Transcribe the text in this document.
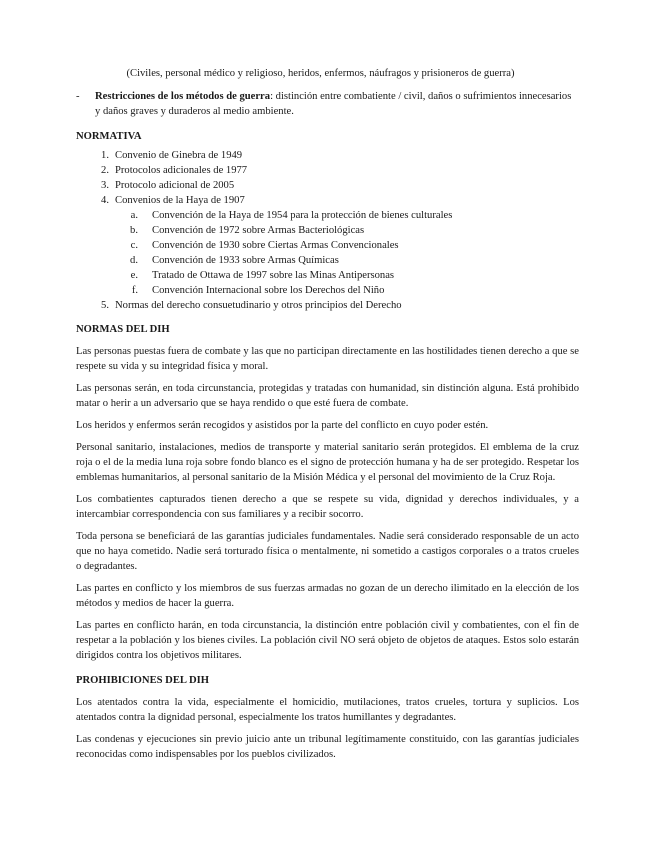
(Civiles, personal médico y religioso, heridos, enfermos, náufragos y prisioneros de guerra)

-	Restricciones de los métodos de guerra: distinción entre combatiente / civil, daños o sufrimientos innecesarios y daños graves y duraderos al medio ambiente.

NORMATIVA

1. Convenio de Ginebra de 1949
2. Protocolos adicionales de 1977
3. Protocolo adicional de 2005
4. Convenios de la Haya de 1907
a.	Convención de la Haya de 1954 para la protección de bienes culturales
b.	Convención de 1972 sobre Armas Bacteriológicas
c.	Convención de 1930 sobre Ciertas Armas Convencionales
d.	Convención de 1933 sobre Armas Químicas
e.	Tratado de Ottawa de 1997 sobre las Minas Antipersonas
f.	Convención Internacional sobre los Derechos del Niño
5. Normas del derecho consuetudinario y otros principios del Derecho

NORMAS DEL DIH

Las personas puestas fuera de combate y las que no participan directamente en las hostilidades tienen derecho a que se respete su vida y su integridad física y moral.

Las personas serán, en toda circunstancia, protegidas y tratadas con humanidad, sin distinción alguna. Está prohibido matar o herir a un adversario que se haya rendido o que esté fuera de combate.

Los heridos y enfermos serán recogidos y asistidos por la parte del conflicto en cuyo poder estén.

Personal sanitario, instalaciones, medios de transporte y material sanitario serán protegidos. El emblema de la cruz roja o el de la media luna roja sobre fondo blanco es el signo de protección humana y ha de ser protegido. Respetar los emblemas humanitarios, al personal sanitario de la Misión Médica y el personal del movimiento de la Cruz Roja.

Los combatientes capturados tienen derecho a que se respete su vida, dignidad y derechos individuales, y a intercambiar correspondencia con sus familiares y a recibir socorro.

Toda persona se beneficiará de las garantías judiciales fundamentales. Nadie será considerado responsable de un acto que no haya cometido. Nadie será torturado física o mentalmente, ni sometido a castigos corporales o a tratos crueles o degradantes.

Las partes en conflicto y los miembros de sus fuerzas armadas no gozan de un derecho ilimitado en la elección de los métodos y medios de hacer la guerra.

Las partes en conflicto harán, en toda circunstancia, la distinción entre población civil y combatientes, con el fin de respetar a la población y los bienes civiles. La población civil NO será objeto de objetos de ataques. Estos solo estarán dirigidos contra los objetivos militares.

PROHIBICIONES DEL DIH

Los atentados contra la vida, especialmente el homicidio, mutilaciones, tratos crueles, tortura y suplicios. Los atentados contra la dignidad personal, especialmente los tratos humillantes y degradantes.

Las condenas y ejecuciones sin previo juicio ante un tribunal legítimamente constituido, con las garantías judiciales reconocidas como indispensables por los pueblos civilizados.
